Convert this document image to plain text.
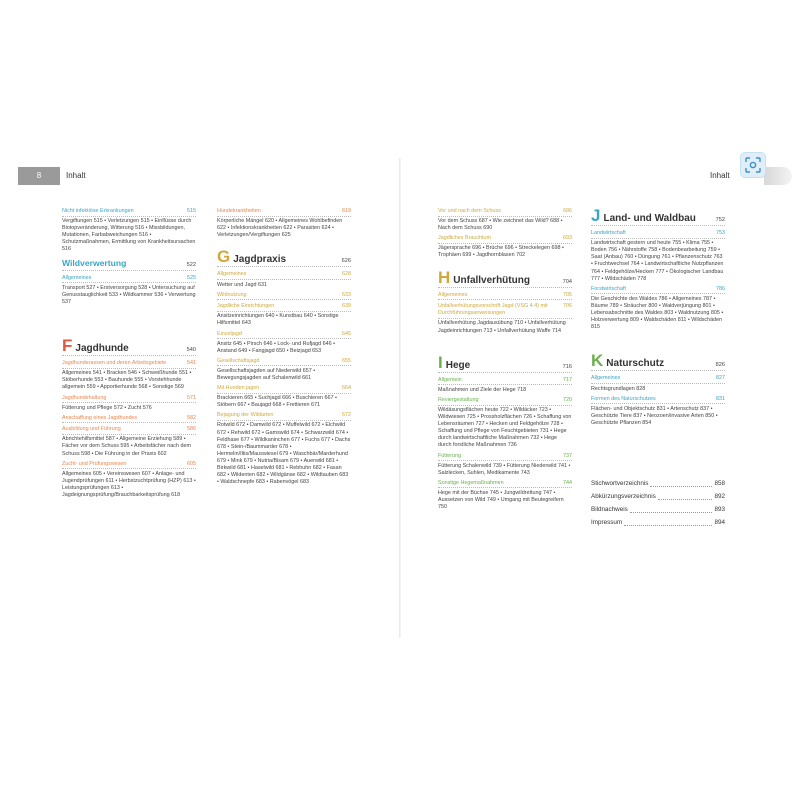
8	Inhalt	Inhalt
Nicht infektiöse Erkrankungen	515
Vergiftungen 515 • Verletzungen 515 • Einflüsse durch Biotopveränderung, Witterung 516 • Missbildungen, Mutationen, Farbabweichungen 516 • Schutzmaßnahmen, Ermittlung von Krankheitsursachen 516
Wildverwertung	522
Allgemeines	525
Transport 527 • Erstversorgung 528 • Untersuchung auf Genusstauglichkeit 533 • Wildkammer 536 • Verwertung 537
F Jagdhunde	540
Jagdhunderassen und deren Arbeitsgebiete	541
Allgemeines 541 • Bracken 546 • Schweißhunde 551 • Stöberhunde 553 • Bauhunde 555 • Vorstehhunde allgemein 559 • Apportierhunde 568 • Sonstige 569
Jagdhundehaltung	571
Fütterung und Pflege 572 • Zucht 576
Anschaffung eines Jagdhundes	582
Ausbildung und Führung	586
Abrichtehilfsmittel 587 • Allgemeine Erziehung 589 • Fächer vor dem Schuss 595 • Arbeitsfächer nach dem Schuss 598 • Die Führung in der Praxis 602
Zucht- und Prüfungswesen	605
Allgemeines 605 • Vereinswesen 607 • Anlage- und Jugendprüfungen 611 • Herbstzuchtprüfung (HZP) 613 • Leistungsprüfungen 613 • Jagdeignungsprüfung/Brauchbarkeitsprüfung 618
Hundekrankheiten	619
Körperliche Mängel 620 • Allgemeines Wohlbefinden 622 • Infektionskrankheiten 622 • Parasiten 624 • Verletzungen/Vergiftungen 625
G Jagdpraxis	626
Allgemeines	628
Wetter und Jagd 631
Wildnutzung	633
Jagdliche Einrichtungen	639
Ansitzeinrichtungen 640 • Kunstbau 640 • Sonstige Hilfsmittel 643
Einzeljagd	645
Ansitz 645 • Pirsch 646 • Lock- und Rufjagd 646 • Anstand 649 • Fangjagd 650 • Beizjagd 653
Gesellschaftsjagd	655
Gesellschaftsjagden auf Niederwild 657 • Bewegungsjagden auf Schalenwild 661
Mit Hunden jagen	664
Brackieren 665 • Suchjagd 666 • Buschieren 667 • Stöbern 667 • Baujagd 668 • Frettieren 671
Bejagung der Wildarten	672
Rotwild 672 • Damwild 672 • Muffelwild 672 • Elchwild 672 • Rehwild 672 • Gamswild 674 • Schwarzwild 674 • Feldhase 677 • Wildkaninchen 677 • Fuchs 677 • Dachs 678 • Stein-/Baummarder 678 • Hermelin/Iltis/Mauswiesel 679 • Waschbär/Marderhund 679 • Mink 679 • Nutria/Bisam 679 • Auerwild 681 • Birkwild 681 • Haselwild 681 • Rebhuhn 682 • Fasan 682 • Wildenten 682 • Wildgänse 682 • Wildtauben 683 • Waldschnepfe 683 • Rabenvögel 683
Vor und nach dem Schuss	686
Vor dem Schuss 687 • Wie zeichnet das Wild? 688 • Nach dem Schuss 690
Jagdliches Brauchtum	693
Jägersprache 696 • Brüche 696 • Streckelegen 698 • Trophäen 699 • Jagdhornblasen 702
H Unfallverhütung	704
Allgemeines	705
Unfallverhütungsvorschrift Jagd (VSG 4.4) mit Durchführungsanweisungen
706
Unfallverhütung Jagdausübung 710 • Unfallverhütung Jagdeinrichtungen 713 • Unfallverhütung Waffe 714
I Hege	716
Allgemein	717
Maßnahmen und Ziele der Hege 718
Reviergestaltung	720
Wildäsungsflächen heute 722 • Wildäcker 723 • Wildwiesen 725 • Prossholzflächen 726 • Schaffung von Lebensräumen 727 • Hecken und Feldgehölze 728 • Schaffung und Pflege von Feuchtgebieten 731 • Hege durch landwirtschaftliche Maßnahmen 732 • Hege durch forstliche Maßnahmen 736
Fütterung	737
Fütterung Schalenwild 739 • Fütterung Niederwild 741 • Salzlecken, Suhlen, Medikamente 743
Sonstige Hegemaßnahmen	744
Hege mit der Büchse 745 • Jungwildrettung 747 • Aussetzen von Wild 749 • Umgang mit Beutegreifern 750
J Land- und Waldbau	752
Landwirtschaft	753
Landwirtschaft gestern und heute 755 • Klima 755 • Boden 756 • Nährstoffe 758 • Bodenbearbeitung 759 • Saat (Anbau) 760 • Düngung 761 • Pflanzenschutz 763 • Fruchtwechsel 764 • Landwirtschaftliche Nutzpflanzen 764 • Feldgehölze/Hecken 777 • Ökologischer Landbau 777 • Wildschäden 778
Forstwirtschaft	786
Die Geschichte des Waldes 786 • Allgemeines 787 • Bäume 789 • Sträucher 800 • Waldverjüngung 801 • Lebensabschnitte des Waldes 803 • Waldnutzung 805 • Holzverwertung 809 • Waldschäden 811 • Wildschäden 815
K Naturschutz	826
Allgemeines	827
Rechtsgrundlagen 828
Formen des Naturschutzes	831
Flächen- und Objektschutz 831 • Artenschutz 837 • Geschützte Tiere 837 • Neozoen/invasive Arten 850 • Geschützte Pflanzen 854
Stichwortverzeichnis	858
Abkürzungsverzeichnis	892
Bildnachweis	893
Impressum	894
